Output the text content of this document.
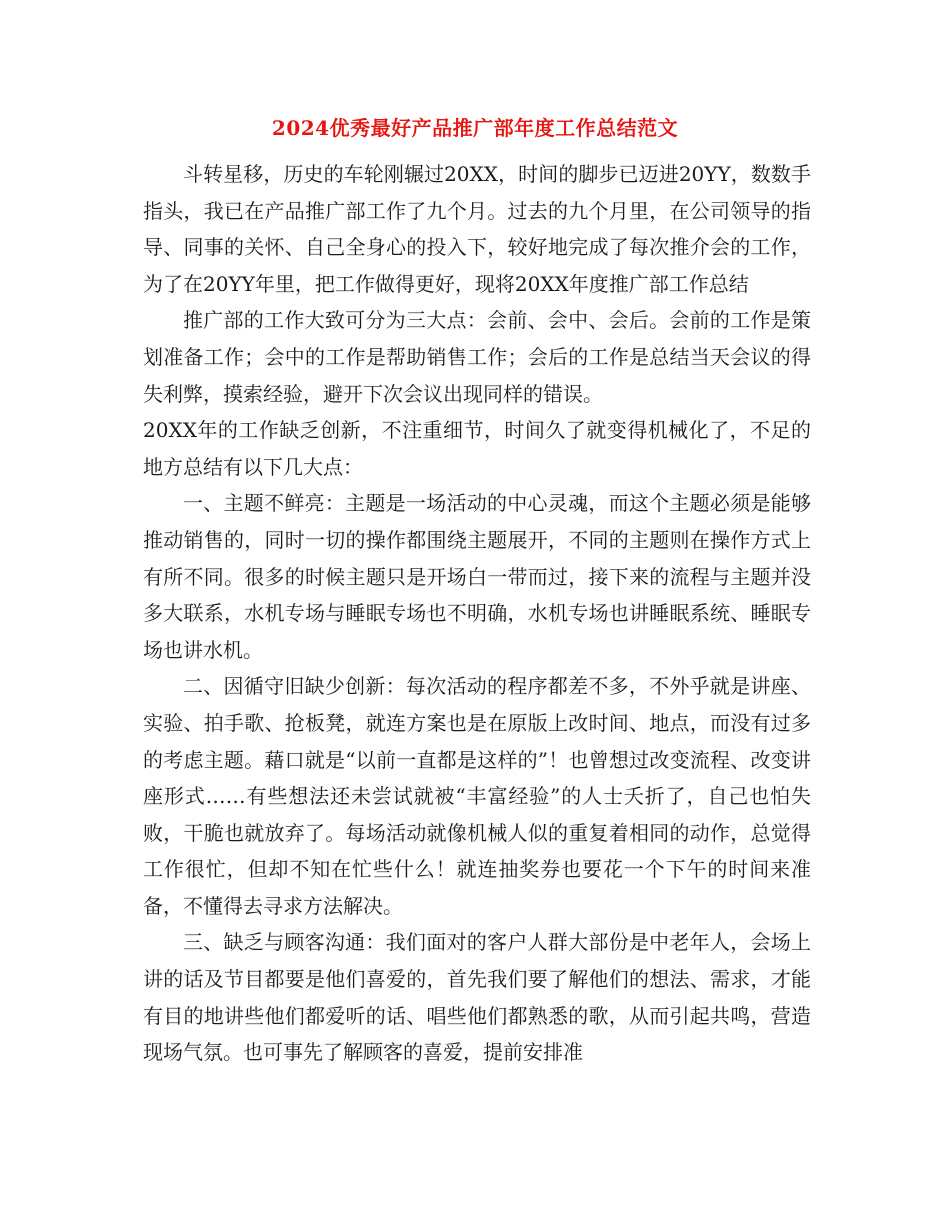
2024优秀最好产品推广部年度工作总结范文

斗转星移，历史的车轮刚辗过20XX，时间的脚步已迈进20YY，数数手指头，我已在产品推广部工作了九个月。过去的九个月里，在公司领导的指导、同事的关怀、自己全身心的投入下，较好地完成了每次推介会的工作，为了在20YY年里，把工作做得更好，现将20XX年度推广部工作总结

推广部的工作大致可分为三大点：会前、会中、会后。会前的工作是策划准备工作；会中的工作是帮助销售工作；会后的工作是总结当天会议的得失利弊，摸索经验，避开下次会议出现同样的错误。

20XX年的工作缺乏创新，不注重细节，时间久了就变得机械化了，不足的地方总结有以下几大点：

一、主题不鲜亮：主题是一场活动的中心灵魂，而这个主题必须是能够推动销售的，同时一切的操作都围绕主题展开，不同的主题则在操作方式上有所不同。很多的时候主题只是开场白一带而过，接下来的流程与主题并没多大联系，水机专场与睡眠专场也不明确，水机专场也讲睡眠系统、睡眠专场也讲水机。

二、因循守旧缺少创新：每次活动的程序都差不多，不外乎就是讲座、实验、拍手歌、抢板凳，就连方案也是在原版上改时间、地点，而没有过多的考虑主题。藉口就是“以前一直都是这样的”！也曾想过改变流程、改变讲座形式……有些想法还未尝试就被“丰富经验”的人士夭折了，自己也怕失败，干脆也就放弃了。每场活动就像机械人似的重复着相同的动作，总觉得工作很忙，但却不知在忙些什么！就连抽奖券也要花一个下午的时间来准备，不懂得去寻求方法解决。

三、缺乏与顾客沟通：我们面对的客户人群大部份是中老年人，会场上讲的话及节目都要是他们喜爱的，首先我们要了解他们的想法、需求，才能有目的地讲些他们都爱听的话、唱些他们都熟悉的歌，从而引起共鸣，营造现场气氛。也可事先了解顾客的喜爱，提前安排准
